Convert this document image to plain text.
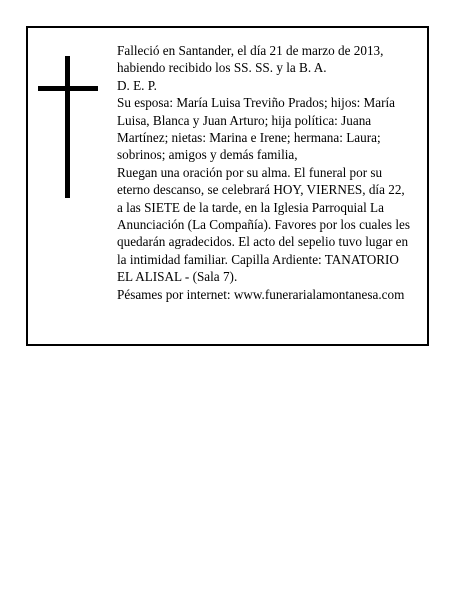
Falleció en Santander, el día 21 de marzo de 2013,

habiendo recibido los SS. SS. y la B. A.

D. E. P.

Su esposa: María Luisa Treviño Prados; hijos: María

Luisa, Blanca y Juan Arturo; hija política: Juana

Martínez; nietas: Marina e Irene; hermana: Laura;

sobrinos; amigos y demás familia,

Ruegan una oración por su alma. El funeral por su

eterno descanso, se celebrará HOY, VIERNES, día 22,

a las SIETE de la tarde, en la Iglesia Parroquial La

Anunciación (La Compañía). Favores por los cuales les

quedarán agradecidos. El acto del sepelio tuvo lugar en

la intimidad familiar. Capilla Ardiente: TANATORIO

EL ALISAL - (Sala 7).

Pésames por internet: www.funerarialamontanesa.com
